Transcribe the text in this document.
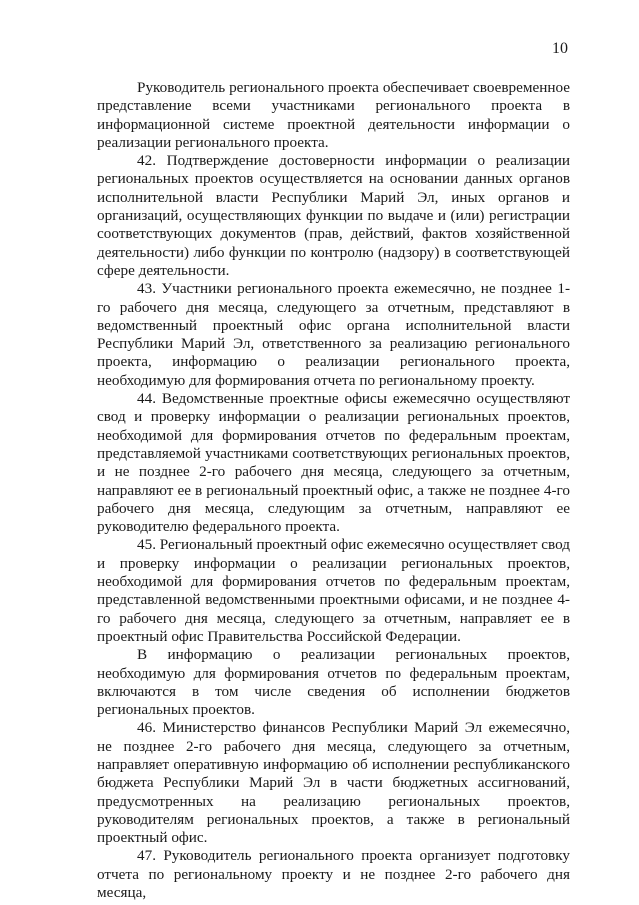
10

Руководитель регионального проекта обеспечивает своевременное представление всеми участниками регионального проекта в информационной системе проектной деятельности информации о реализации регионального проекта.

42. Подтверждение достоверности информации о реализации региональных проектов осуществляется на основании данных органов исполнительной власти Республики Марий Эл, иных органов и организаций, осуществляющих функции по выдаче и (или) регистрации соответствующих документов (прав, действий, фактов хозяйственной деятельности) либо функции по контролю (надзору) в соответствующей сфере деятельности.

43. Участники регионального проекта ежемесячно, не позднее 1-го рабочего дня месяца, следующего за отчетным, представляют в ведомственный проектный офис органа исполнительной власти Республики Марий Эл, ответственного за реализацию регионального проекта, информацию о реализации регионального проекта, необходимую для формирования отчета по региональному проекту.

44. Ведомственные проектные офисы ежемесячно осуществляют свод и проверку информации о реализации региональных проектов, необходимой для формирования отчетов по федеральным проектам, представляемой участниками соответствующих региональных проектов, и не позднее 2-го рабочего дня месяца, следующего за отчетным, направляют ее в региональный проектный офис, а также не позднее 4-го рабочего дня месяца, следующим за отчетным, направляют ее руководителю федерального проекта.

45. Региональный проектный офис ежемесячно осуществляет свод и проверку информации о реализации региональных проектов, необходимой для формирования отчетов по федеральным проектам, представленной ведомственными проектными офисами, и не позднее 4-го рабочего дня месяца, следующего за отчетным, направляет ее в проектный офис Правительства Российской Федерации.

В информацию о реализации региональных проектов, необходимую для формирования отчетов по федеральным проектам, включаются в том числе сведения об исполнении бюджетов региональных проектов.

46. Министерство финансов Республики Марий Эл ежемесячно, не позднее 2-го рабочего дня месяца, следующего за отчетным, направляет оперативную информацию об исполнении республиканского бюджета Республики Марий Эл в части бюджетных ассигнований, предусмотренных на реализацию региональных проектов, руководителям региональных проектов, а также в региональный проектный офис.

47. Руководитель регионального проекта организует подготовку отчета по региональному проекту и не позднее 2-го рабочего дня месяца,
